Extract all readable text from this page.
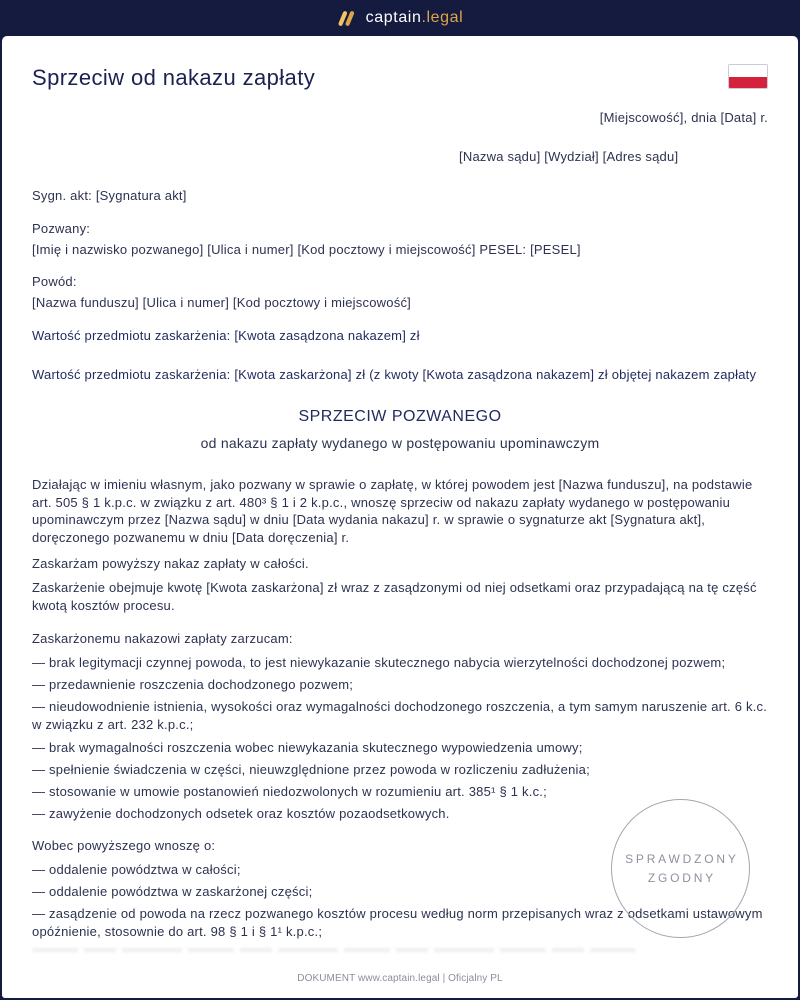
captain.legal
Sprzeciw od nakazu zapłaty
[Miejscowość], dnia [Data] r.
[Nazwa sądu] [Wydział] [Adres sądu]
Sygn. akt: [Sygnatura akt]
Pozwany:
[Imię i nazwisko pozwanego] [Ulica i numer] [Kod pocztowy i miejscowość] PESEL: [PESEL]
Powód:
[Nazwa funduszu] [Ulica i numer] [Kod pocztowy i miejscowość]
Wartość przedmiotu zaskarżenia: [Kwota zasądzona nakazem] zł
Wartość przedmiotu zaskarżenia: [Kwota zaskarżona] zł (z kwoty [Kwota zasądzona nakazem] zł objętej nakazem zapłaty
SPRZECIW POZWANEGO
od nakazu zapłaty wydanego w postępowaniu upominawczym
Działając w imieniu własnym, jako pozwany w sprawie o zapłatę, w której powodem jest [Nazwa funduszu], na podstawie
art. 505 § 1 k.p.c. w związku z art. 480³ § 1 i 2 k.p.c., wnoszę sprzeciw od nakazu zapłaty wydanego w postępowaniu
upominawczym przez [Nazwa sądu] w dniu [Data wydania nakazu] r. w sprawie o sygnaturze akt [Sygnatura akt],
doręczonego pozwanemu w dniu [Data doręczenia] r.
Zaskarżam powyższy nakaz zapłaty w całości.
Zaskarżenie obejmuje kwotę [Kwota zaskarżona] zł wraz z zasądzonymi od niej odsetkami oraz przypadającą na tę część
kwotą kosztów procesu.
Zaskarżonemu nakazowi zapłaty zarzucam:
— brak legitymacji czynnej powoda, to jest niewykazanie skutecznego nabycia wierzytelności dochodzonej pozwem;
— przedawnienie roszczenia dochodzonego pozwem;
— nieudowodnienie istnienia, wysokości oraz wymagalności dochodzonego roszczenia, a tym samym naruszenie art. 6 k.c.
w związku z art. 232 k.p.c.;
— brak wymagalności roszczenia wobec niewykazania skutecznego wypowiedzenia umowy;
— spełnienie świadczenia w części, nieuwzględnione przez powoda w rozliczeniu zadłużenia;
— stosowanie w umowie postanowień niedozwolonych w rozumieniu art. 385¹ § 1 k.c.;
— zawyżenie dochodzonych odsetek oraz kosztów pozaodsetkowych.
Wobec powyższego wnoszę o:
— oddalenie powództwa w całości;
— oddalenie powództwa w zaskarżonej części;
— zasądzenie od powoda na rzecz pozwanego kosztów procesu według norm przepisanych wraz z odsetkami ustawowym
opóźnienie, stosownie do art. 98 § 1 i § 1¹ k.p.c.;
SPRAWDZONY
ZGODNY
DOKUMENT www.captain.legal | Oficjalny PL
